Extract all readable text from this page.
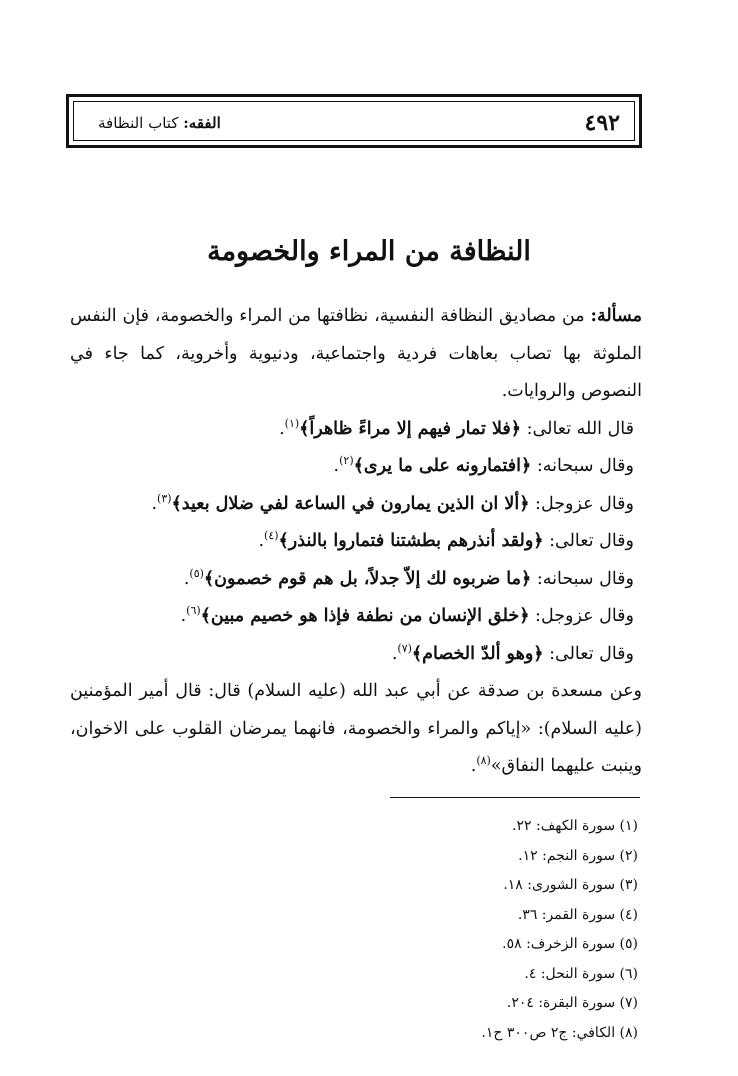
٤٩٢
الفقه: كتاب النظافة
النظافة من المراء والخصومة

مسألة: من مصاديق النظافة النفسية، نظافتها من المراء والخصومة، فإن النفس الملوثة بها تصاب بعاهات فردية واجتماعية، ودنيوية وأخروية، كما جاء في النصوص والروايات.

قال الله تعالى: ﴿فلا تمار فيهم إلا مراءً ظاهراً﴾$^{(١)}$.
وقال سبحانه: ﴿افتمارونه على ما يرى﴾$^{(٢)}$.
وقال عزوجل: ﴿ألا ان الذين يمارون في الساعة لفي ضلال بعيد﴾$^{(٣)}$.
وقال تعالى: ﴿ولقد أنذرهم بطشتنا فتماروا بالنذر﴾$^{(٤)}$.
وقال سبحانه: ﴿ما ضربوه لك إلاّ جدلاً، بل هم قوم خصمون﴾$^{(٥)}$.
وقال عزوجل: ﴿خلق الإنسان من نطفة فإذا هو خصيم مبين﴾$^{(٦)}$.
وقال تعالى: ﴿وهو ألدّ الخصام﴾$^{(٧)}$.

وعن مسعدة بن صدقة عن أبي عبد الله (عليه السلام) قال: قال أمير المؤمنين (عليه السلام): «إياكم والمراء والخصومة، فانهما يمرضان القلوب على الاخوان، وينبت عليهما النفاق»$^{(٨)}$.

(١) سورة الكهف: ٢٢.
(٢) سورة النجم: ١٢.
(٣) سورة الشورى: ١٨.
(٤) سورة القمر: ٣٦.
(٥) سورة الزخرف: ٥٨.
(٦) سورة النحل: ٤.
(٧) سورة البقرة: ٢٠٤.
(٨) الكافي: ج٢ ص٣٠٠ ح١.
